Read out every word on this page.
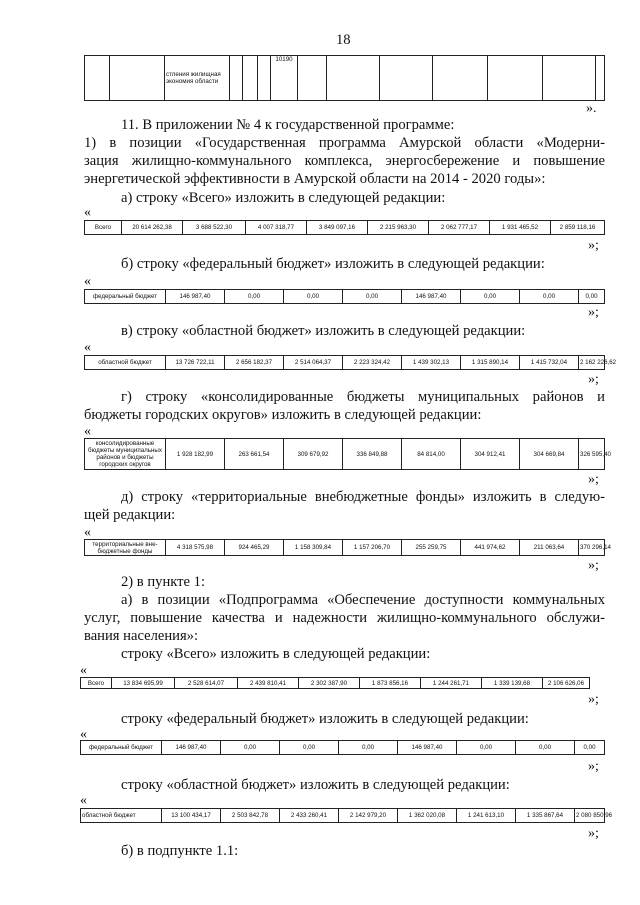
18
		стления жилищная экономия области				10190							
».
11. В приложении № 4 к государственной программе:
1) в позиции «Государственная программа Амурской области «Модерни-
зация жилищно-коммунального комплекса, энергосбережение и повышение
энергетической эффективности в Амурской области на 2014 - 2020 годы»:
а) строку «Всего» изложить в следующей редакции:
«
Всего	20 614 262,38	3 688 522,30	4 007 318,77	3 849 097,16	2 215 963,30	2 062 777,17	1 931 465,52	2 859 118,16
»;
б) строку «федеральный бюджет» изложить в следующей редакции:
«
федеральный бюджет	146 987,40	0,00	0,00	0,00	146 987,40	0,00	0,00	0,00
»;
в) строку «областной бюджет» изложить в следующей редакции:
«
областной бюджет	13 726 722,11	2 656 182,37	2 514 064,37	2 223 324,42	1 439 302,13	1 315 890,14	1 415 732,04	2 162 226,62
»;
г) строку «консолидированные бюджеты муниципальных районов и
бюджеты городских округов» изложить в следующей редакции:
«
консолидированные бюджеты муниципальных районов и бюджеты городских округов	1 928 182,99	263 661,54	309 679,92	336 849,88	84 814,00	304 912,41	304 669,84	326 595,40
»;
д) строку «территориальные внебюджетные фонды» изложить в следую-
щей редакции:
«
территориальные вне- бюджетные фонды	4 318 575,98	924 465,29	1 158 309,84	1 157 206,70	255 259,75	441 974,62	211 063,64	370 296,14
»;
2) в пункте 1:
а) в позиции «Подпрограмма «Обеспечение доступности коммунальных
услуг, повышение качества и надежности жилищно-коммунального обслужи-
вания населения»:
строку «Всего» изложить в следующей редакции:
«
Всего	13 834 695,99	2 528 614,07	2 439 810,41	2 302 387,90	1 873 856,16	1 244 261,71	1 339 139,68	2 106 626,06
»;
строку «федеральный бюджет» изложить в следующей редакции:
«
федеральный бюджет	146 987,40	0,00	0,00	0,00	146 987,40	0,00	0,00	0,00
»;
строку «областной бюджет» изложить в следующей редакции:
«
областной бюджет	13 100 434,17	2 503 842,78	2 433 260,41	2 142 979,20	1 362 020,08	1 241 613,10	1 335 867,64	2 080 850,96
»;
б) в подпункте 1.1:
